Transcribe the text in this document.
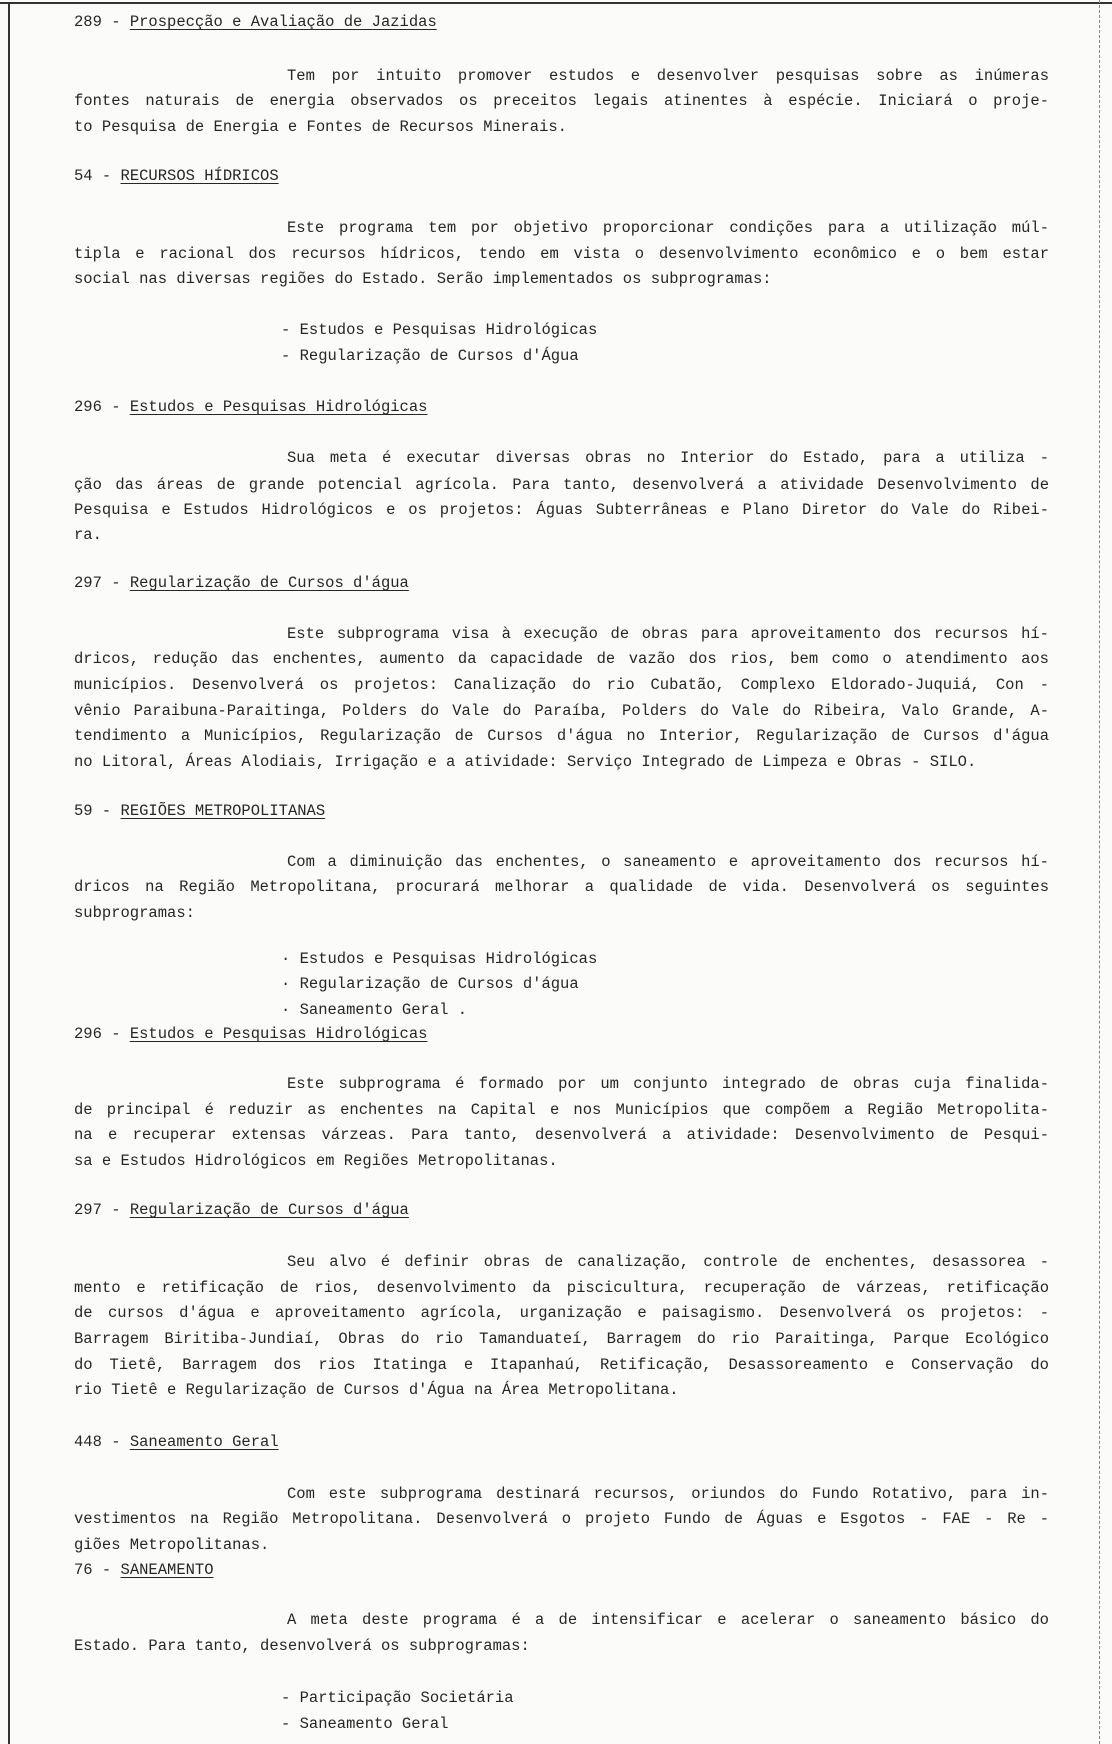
289 - Prospecção e Avaliação de Jazidas
Tem por intuito promover estudos e desenvolver pesquisas sobre as inúmeras
fontes naturais de energia observados os preceitos legais atinentes à espécie. Iniciará o proje-
to Pesquisa de Energia e Fontes de Recursos Minerais.
54 - RECURSOS HÍDRICOS
Este programa tem por objetivo proporcionar condições para a utilização múl-
tipla e racional dos recursos hídricos, tendo em vista o desenvolvimento econômico e o bem estar
social nas diversas regiões do Estado. Serão implementados os subprogramas:
- Estudos e Pesquisas Hidrológicas
- Regularização de Cursos d'Água
296 - Estudos e Pesquisas Hidrológicas
Sua meta é executar diversas obras no Interior do Estado, para a utiliza -
ção das áreas de grande potencial agrícola. Para tanto, desenvolverá a atividade Desenvolvimento de
Pesquisa e Estudos Hidrológicos e os projetos: Águas Subterrâneas e Plano Diretor do Vale do Ribei-
ra.
297 - Regularização de Cursos d'água
Este subprograma visa à execução de obras para aproveitamento dos recursos hí-
dricos, redução das enchentes, aumento da capacidade de vazão dos rios, bem como o atendimento aos
municípios. Desenvolverá os projetos: Canalização do rio Cubatão, Complexo Eldorado-Juquiá, Con -
vênio Paraibuna-Paraitinga, Polders do Vale do Paraíba, Polders do Vale do Ribeira, Valo Grande, A-
tendimento a Municípios, Regularização de Cursos d'água no Interior, Regularização de Cursos d'água
no Litoral, Áreas Alodiais, Irrigação e a atividade: Serviço Integrado de Limpeza e Obras - SILO.
59 - REGIÕES METROPOLITANAS
Com a diminuição das enchentes, o saneamento e aproveitamento dos recursos hí-
dricos na Região Metropolitana, procurará melhorar a qualidade de vida. Desenvolverá os seguintes
subprogramas:
· Estudos e Pesquisas Hidrológicas
· Regularização de Cursos d'água
· Saneamento Geral .
296 - Estudos e Pesquisas Hidrológicas
Este subprograma é formado por um conjunto integrado de obras cuja finalida-
de principal é reduzir as enchentes na Capital e nos Municípios que compõem a Região Metropolita-
na e recuperar extensas várzeas. Para tanto, desenvolverá a atividade: Desenvolvimento de Pesqui-
sa e Estudos Hidrológicos em Regiões Metropolitanas.
297 - Regularização de Cursos d'água
Seu alvo é definir obras de canalização, controle de enchentes, desassorea -
mento e retificação de rios, desenvolvimento da piscicultura, recuperação de várzeas, retificação
de cursos d'água e aproveitamento agrícola, urganização e paisagismo. Desenvolverá os projetos: -
Barragem Biritiba-Jundiaí, Obras do rio Tamanduateí, Barragem do rio Paraitinga, Parque Ecológico
do Tietê, Barragem dos rios Itatinga e Itapanhaú, Retificação, Desassoreamento e Conservação do
rio Tietê e Regularização de Cursos d'Água na Área Metropolitana.
448 - Saneamento Geral
Com este subprograma destinará recursos, oriundos do Fundo Rotativo, para in-
vestimentos na Região Metropolitana. Desenvolverá o projeto Fundo de Águas e Esgotos - FAE - Re -
giões Metropolitanas.
76 - SANEAMENTO
A meta deste programa é a de intensificar e acelerar o saneamento básico do
Estado. Para tanto, desenvolverá os subprogramas:
- Participação Societária
- Saneamento Geral
